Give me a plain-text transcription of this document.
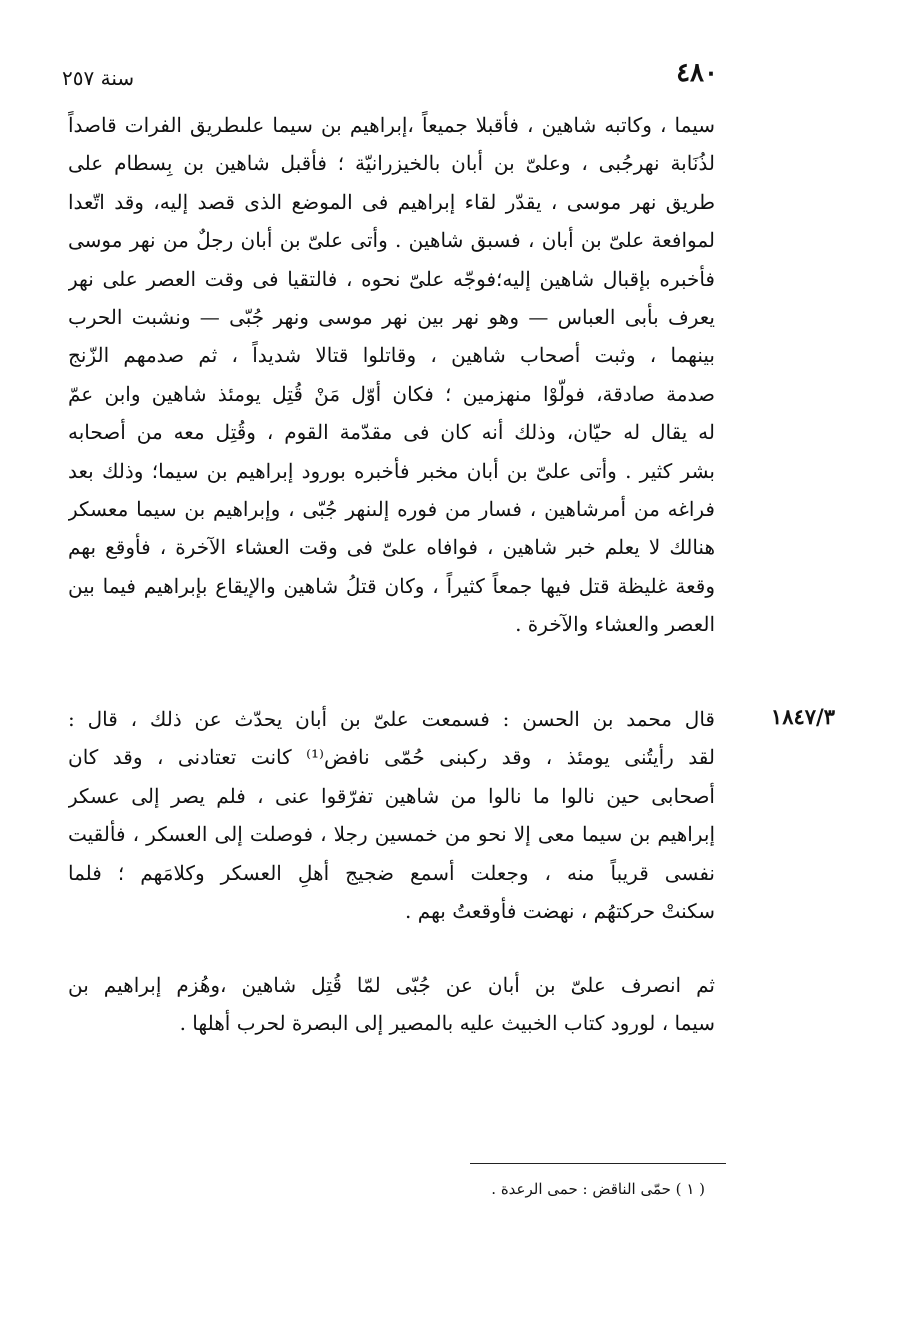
٤٨٠
سنة ٢٥٧
سيما ، وكاتبه شاهين ، فأقبلا جميعاً ،إبراهيم بن سيما علىطريق الفرات قاصداً
لذُنَابة نهرجُبى ، وعلىّ بن أبان بالخيزرانيّة ؛ فأقبل شاهين بن بِسطام على
طريق نهر موسى ، يقدّر لقاء إبراهيم فى الموضع الذى قصد إليه، وقد اتّعدا
لموافعة علىّ بن أبان ، فسبق شاهين . وأتى علىّ بن أبان رجلٌ من نهر موسى
فأخبره بإقبال شاهين إليه؛فوجّه علىّ نحوه ، فالتقيا فى وقت العصر على نهر
يعرف بأبى العباس — وهو نهر بين نهر موسى ونهر جُبّى — ونشبت الحرب
بينهما ، وثبت أصحاب شاهين ، وقاتلوا قتالا شديداً ، ثم صدمهم الزّنج
صدمة صادقة، فولّوْا منهزمين ؛ فكان أوّل مَنْ قُتِل يومئذ شاهين وابن عمّ
له يقال له حيّان، وذلك أنه كان فى مقدّمة القوم ، وقُتِل معه من أصحابه
بشر كثير . وأتى علىّ بن أبان مخبر فأخبره بورود إبراهيم بن سيما؛ وذلك بعد
فراغه من أمرشاهين ، فسار من فوره إلىنهر جُبّى ، وإبراهيم بن سيما معسكر
هنالك لا يعلم خبر شاهين ، فوافاه علىّ فى وقت العشاء الآخرة ، فأوقع بهم
وقعة غليظة قتل فيها جمعاً كثيراً ، وكان قتلُ شاهين والإيقاع بإبراهيم فيما بين
العصر والعشاء والآخرة .
١٨٤٧/٣
قال محمد بن الحسن : فسمعت علىّ بن أبان يحدّث عن ذلك ، قال :
لقد رأيتُنى يومئذ ، وقد ركبنى حُمّى نافض⁽¹⁾ كانت تعتادنى ، وقد كان
أصحابى حين نالوا ما نالوا من شاهين تفرّقوا عنى ، فلم يصر إلى عسكر
إبراهيم بن سيما معى إلا نحو من خمسين رجلا ، فوصلت إلى العسكر ، فألقيت
نفسى قريباً منه ، وجعلت أسمع ضجيج أهلِ العسكر وكلامَهم ؛ فلما
سكنتْ حركتهُم ، نهضت فأوقعتُ بهم .
ثم انصرف علىّ بن أبان عن جُبّى لمّا قُتِل شاهين ،وهُزم إبراهيم بن
سيما ، لورود كتاب الخبيث عليه بالمصير إلى البصرة لحرب أهلها .
( ١ ) حمّى الناقض : حمى الرعدة .
